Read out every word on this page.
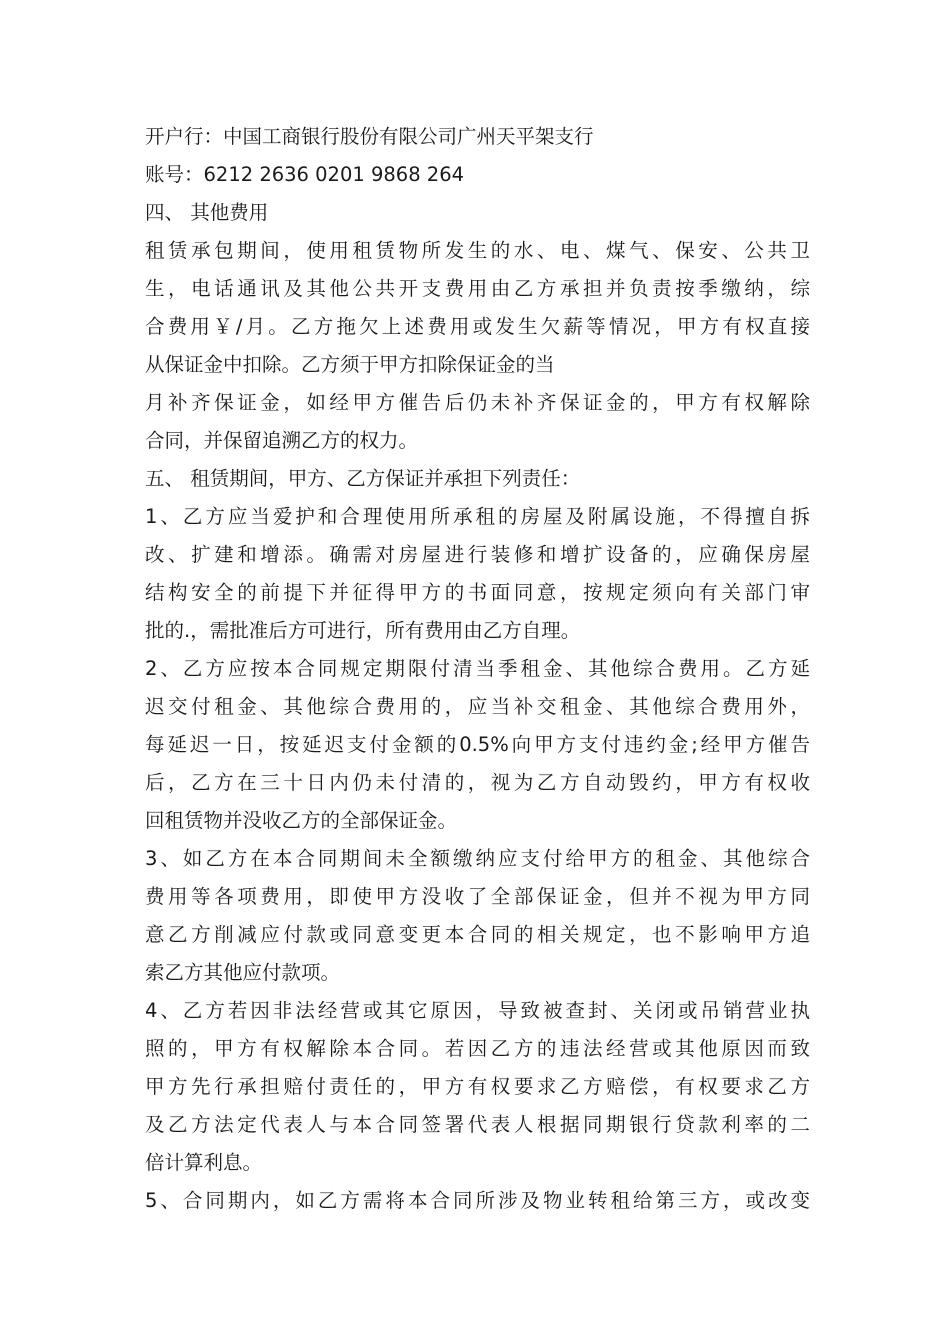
开户行：中国工商银行股份有限公司广州天平架支行
账号：6212 2636 0201 9868 264
四、 其他费用
租赁承包期间，使用租赁物所发生的水、电、煤气、保安、公共卫
生，电话通讯及其他公共开支费用由乙方承担并负责按季缴纳，综
合费用￥/月。乙方拖欠上述费用或发生欠薪等情况，甲方有权直接
从保证金中扣除。乙方须于甲方扣除保证金的当
月补齐保证金，如经甲方催告后仍未补齐保证金的，甲方有权解除
合同，并保留追溯乙方的权力。
五、 租赁期间，甲方、乙方保证并承担下列责任：
1、乙方应当爱护和合理使用所承租的房屋及附属设施，不得擅自拆
改、扩建和增添。确需对房屋进行装修和增扩设备的，应确保房屋
结构安全的前提下并征得甲方的书面同意，按规定须向有关部门审
批的.，需批准后方可进行，所有费用由乙方自理。
2、乙方应按本合同规定期限付清当季租金、其他综合费用。乙方延
迟交付租金、其他综合费用的，应当补交租金、其他综合费用外，
每延迟一日，按延迟支付金额的0.5%向甲方支付违约金;经甲方催告
后，乙方在三十日内仍未付清的，视为乙方自动毁约，甲方有权收
回租赁物并没收乙方的全部保证金。
3、如乙方在本合同期间未全额缴纳应支付给甲方的租金、其他综合
费用等各项费用，即使甲方没收了全部保证金，但并不视为甲方同
意乙方削减应付款或同意变更本合同的相关规定，也不影响甲方追
索乙方其他应付款项。
4、乙方若因非法经营或其它原因，导致被查封、关闭或吊销营业执
照的，甲方有权解除本合同。若因乙方的违法经营或其他原因而致
甲方先行承担赔付责任的，甲方有权要求乙方赔偿，有权要求乙方
及乙方法定代表人与本合同签署代表人根据同期银行贷款利率的二
倍计算利息。
5、合同期内，如乙方需将本合同所涉及物业转租给第三方，或改变
